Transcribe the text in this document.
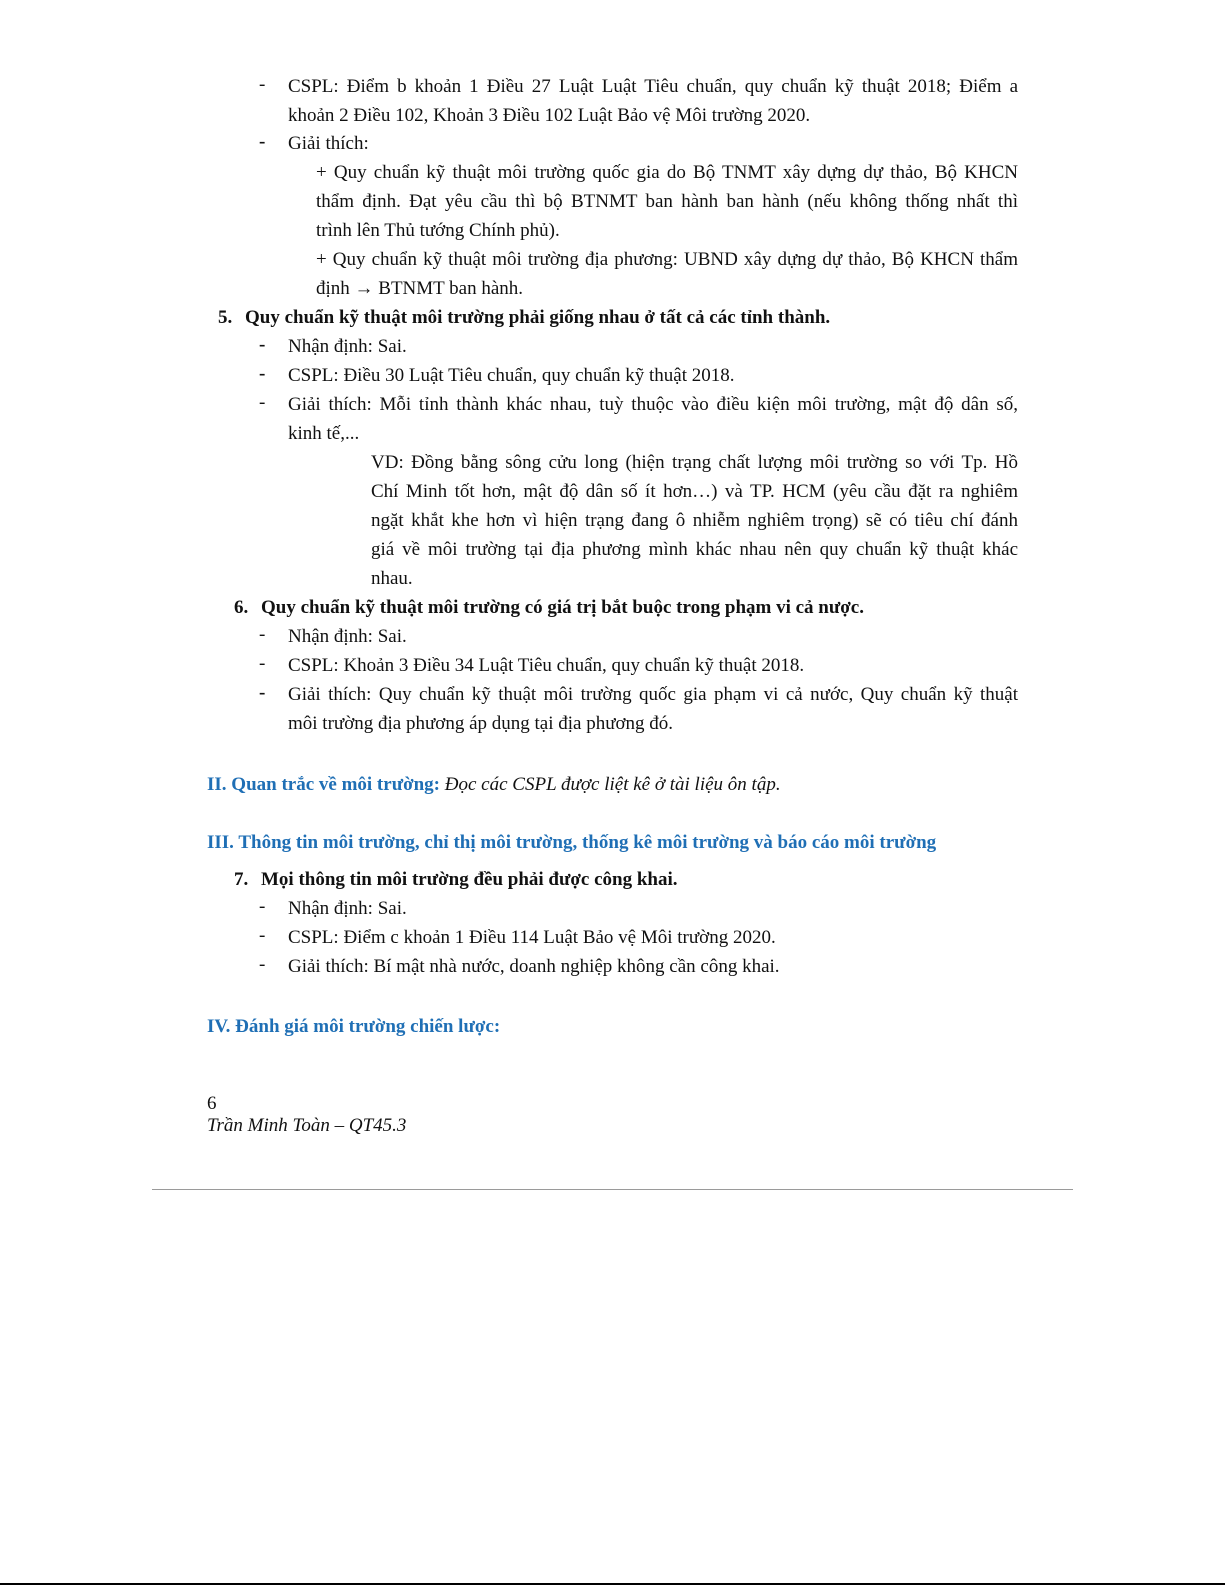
-	CSPL: Điểm b khoản 1 Điều 27 Luật Luật Tiêu chuẩn, quy chuẩn kỹ thuật 2018; Điểm a
khoản 2 Điều 102, Khoản 3 Điều 102 Luật Bảo vệ Môi trường 2020.
-	Giải thích:
+ Quy chuẩn kỹ thuật môi trường quốc gia do Bộ TNMT xây dựng dự thảo, Bộ KHCN
thẩm định. Đạt yêu cầu thì bộ BTNMT ban hành ban hành (nếu không thống nhất thì
trình lên Thủ tướng Chính phủ).
+ Quy chuẩn kỹ thuật môi trường địa phương: UBND xây dựng dự thảo, Bộ KHCN thẩm
định → BTNMT ban hành.
5. Quy chuẩn kỹ thuật môi trường phải giống nhau ở tất cả các tỉnh thành.
-	Nhận định: Sai.
-	CSPL: Điều 30 Luật Tiêu chuẩn, quy chuẩn kỹ thuật 2018.
-	Giải thích: Mỗi tỉnh thành khác nhau, tuỳ thuộc vào điều kiện môi trường, mật độ dân số,
kinh tế,...
VD: Đồng bằng sông cửu long (hiện trạng chất lượng môi trường so với Tp. Hồ
Chí Minh tốt hơn, mật độ dân số ít hơn…) và TP. HCM (yêu cầu đặt ra nghiêm
ngặt khắt khe hơn vì hiện trạng đang ô nhiễm nghiêm trọng) sẽ có tiêu chí đánh
giá về môi trường tại địa phương mình khác nhau nên quy chuẩn kỹ thuật khác
nhau.
6. Quy chuẩn kỹ thuật môi trường có giá trị bắt buộc trong phạm vi cả nược.
-	Nhận định: Sai.
-	CSPL: Khoản 3 Điều 34 Luật Tiêu chuẩn, quy chuẩn kỹ thuật 2018.
-	Giải thích: Quy chuẩn kỹ thuật môi trường quốc gia phạm vi cả nước, Quy chuẩn kỹ thuật
môi trường địa phương áp dụng tại địa phương đó.
II. Quan trắc về môi trường: Đọc các CSPL được liệt kê ở tài liệu ôn tập.
III. Thông tin môi trường, chỉ thị môi trường, thống kê môi trường và báo cáo môi trường
7. Mọi thông tin môi trường đều phải được công khai.
-	Nhận định: Sai.
-	CSPL: Điểm c khoản 1 Điều 114 Luật Bảo vệ Môi trường 2020.
-	Giải thích: Bí mật nhà nước, doanh nghiệp không cần công khai.
IV. Đánh giá môi trường chiến lược:
6
Trần Minh Toàn – QT45.3
